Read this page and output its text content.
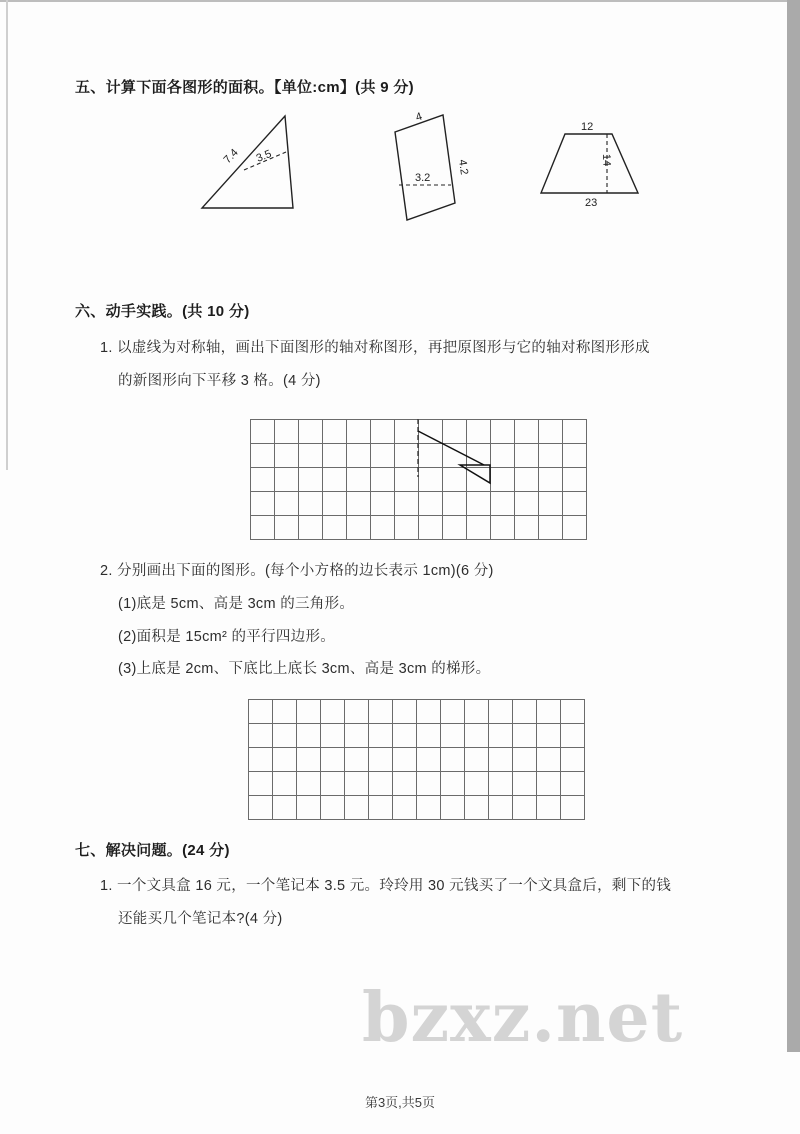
五、计算下面各图形的面积。【单位:cm】(共 9 分)
7.4 3.5
4
3.2
4.2
12
14
23
六、动手实践。(共 10 分)
1. 以虚线为对称轴，画出下面图形的轴对称图形，再把原图形与它的轴对称图形形成
的新图形向下平移 3 格。(4 分)
2. 分别画出下面的图形。(每个小方格的边长表示 1cm)(6 分)
(1)底是 5cm、高是 3cm 的三角形。
(2)面积是 15cm² 的平行四边形。
(3)上底是 2cm、下底比上底长 3cm、高是 3cm 的梯形。
七、解决问题。(24 分)
1. 一个文具盒 16 元，一个笔记本 3.5 元。玲玲用 30 元钱买了一个文具盒后，剩下的钱
还能买几个笔记本?(4 分)
bzxz.net
第3页,共5页
